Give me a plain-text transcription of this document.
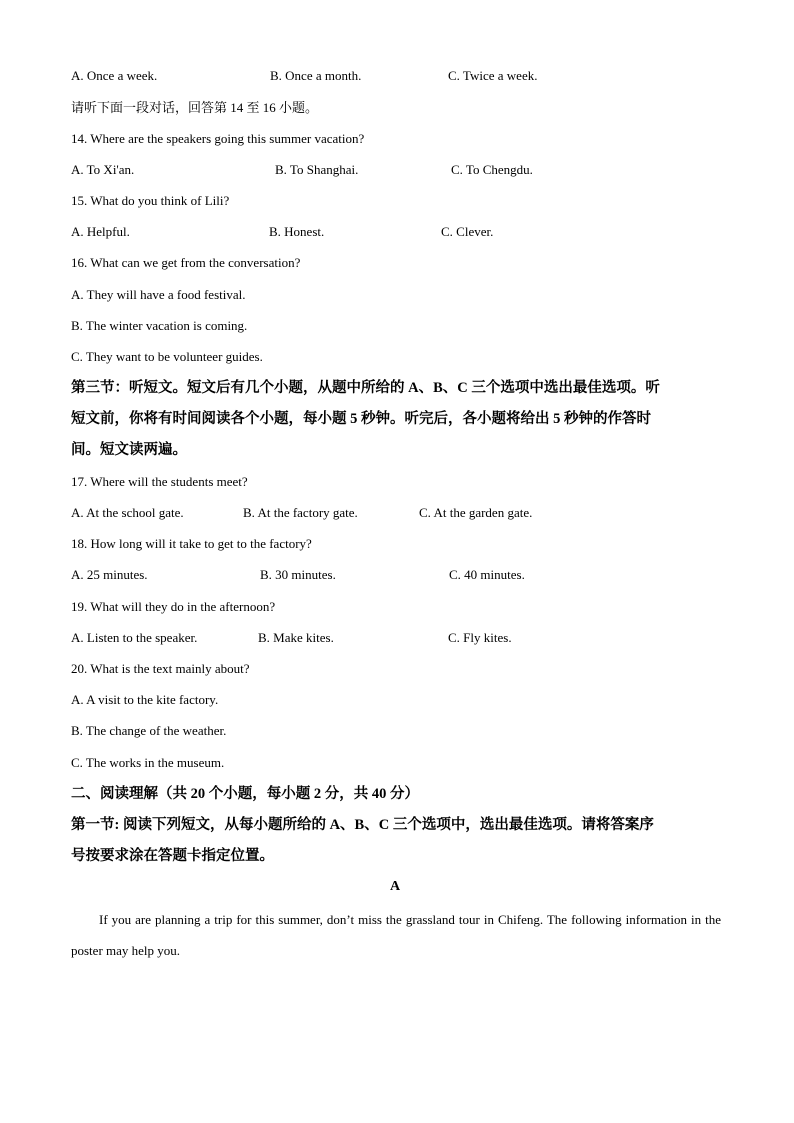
A. Once a week.	B. Once a month.	C. Twice a week.
请听下面一段对话，回答第 14 至 16 小题。
14. Where are the speakers going this summer vacation?
A. To Xi'an.	B. To Shanghai.	C. To Chengdu.
15. What do you think of Lili?
A. Helpful.	B. Honest.	C. Clever.
16. What can we get from the conversation?
A. They will have a food festival.
B. The winter vacation is coming.
C. They want to be volunteer guides.
第三节：听短文。短文后有几个小题，从题中所给的 A、B、C 三个选项中选出最佳选项。听
短文前，你将有时间阅读各个小题，每小题 5 秒钟。听完后，各小题将给出 5 秒钟的作答时
间。短文读两遍。
17. Where will the students meet?
A. At the school gate.	B. At the factory gate.	C. At the garden gate.
18. How long will it take to get to the factory?
A. 25 minutes.	B. 30 minutes.	C. 40 minutes.
19. What will they do in the afternoon?
A. Listen to the speaker.	B. Make kites.	C. Fly kites.
20. What is the text mainly about?
A. A visit to the kite factory.
B. The change of the weather.
C. The works in the museum.
二、阅读理解（共 20 个小题，每小题 2 分，共 40 分）
第一节: 阅读下列短文，从每小题所给的 A、B、C 三个选项中，选出最佳选项。请将答案序
号按要求涂在答题卡指定位置。
A
If you are planning a trip for this summer, don’t miss the grassland tour in Chifeng. The following information in the poster may help you.
